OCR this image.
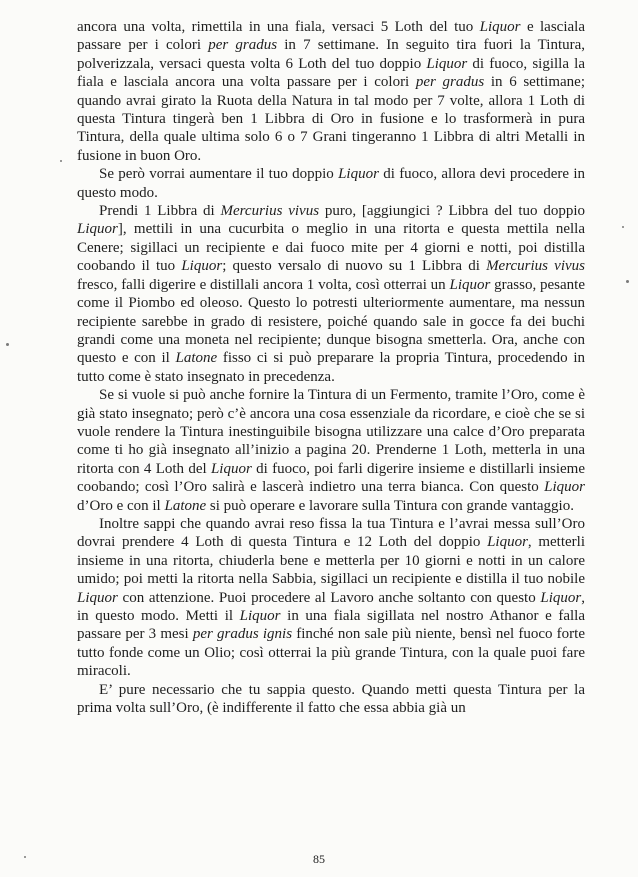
ancora una volta, rimettila in una fiala, versaci 5 Loth del tuo Liquor e lasciala passare per i colori per gradus in 7 settimane. In seguito tira fuori la Tintura, polverizzala, versaci questa volta 6 Loth del tuo doppio Liquor di fuoco, sigilla la fiala e lasciala ancora una volta passare per i colori per gradus in 6 settimane; quando avrai girato la Ruota della Natura in tal modo per 7 volte, allora 1 Loth di questa Tintura tingerà ben 1 Libbra di Oro in fusione e lo trasformerà in pura Tintura, della quale ultima solo 6 o 7 Grani tingeranno 1 Libbra di altri Metalli in fusione in buon Oro.

Se però vorrai aumentare il tuo doppio Liquor di fuoco, allora devi procedere in questo modo.

Prendi 1 Libbra di Mercurius vivus puro, [aggiungici ? Libbra del tuo doppio Liquor], mettili in una cucurbita o meglio in una ritorta e questa mettila nella Cenere; sigillaci un recipiente e dai fuoco mite per 4 giorni e notti, poi distilla coobando il tuo Liquor; questo versalo di nuovo su 1 Libbra di Mercurius vivus fresco, falli digerire e distillali ancora 1 volta, così otterrai un Liquor grasso, pesante come il Piombo ed oleoso. Questo lo potresti ulteriormente aumentare, ma nessun recipiente sarebbe in grado di resistere, poiché quando sale in gocce fa dei buchi grandi come una moneta nel recipiente; dunque bisogna smetterla. Ora, anche con questo e con il Latone fisso ci si può preparare la propria Tintura, procedendo in tutto come è stato insegnato in precedenza.

Se si vuole si può anche fornire la Tintura di un Fermento, tramite l’Oro, come è già stato insegnato; però c’è ancora una cosa essenziale da ricordare, e cioè che se si vuole rendere la Tintura inestinguibile bisogna utilizzare una calce d’Oro preparata come ti ho già insegnato all’inizio a pagina 20. Prenderne 1 Loth, metterla in una ritorta con 4 Loth del Liquor di fuoco, poi farli digerire insieme e distillarli insieme coobando; così l’Oro salirà e lascerà indietro una terra bianca. Con questo Liquor d’Oro e con il Latone si può operare e lavorare sulla Tintura con grande vantaggio.

Inoltre sappi che quando avrai reso fissa la tua Tintura e l’avrai messa sull’Oro dovrai prendere 4 Loth di questa Tintura e 12 Loth del doppio Liquor, metterli insieme in una ritorta, chiuderla bene e metterla per 10 giorni e notti in un calore umido; poi metti la ritorta nella Sabbia, sigillaci un recipiente e distilla il tuo nobile Liquor con attenzione. Puoi procedere al Lavoro anche soltanto con questo Liquor, in questo modo. Metti il Liquor in una fiala sigillata nel nostro Athanor e falla passare per 3 mesi per gradus ignis finché non sale più niente, bensì nel fuoco forte tutto fonde come un Olio; così otterrai la più grande Tintura, con la quale puoi fare miracoli.

E’ pure necessario che tu sappia questo. Quando metti questa Tintura per la prima volta sull’Oro, (è indifferente il fatto che essa abbia già un

85
